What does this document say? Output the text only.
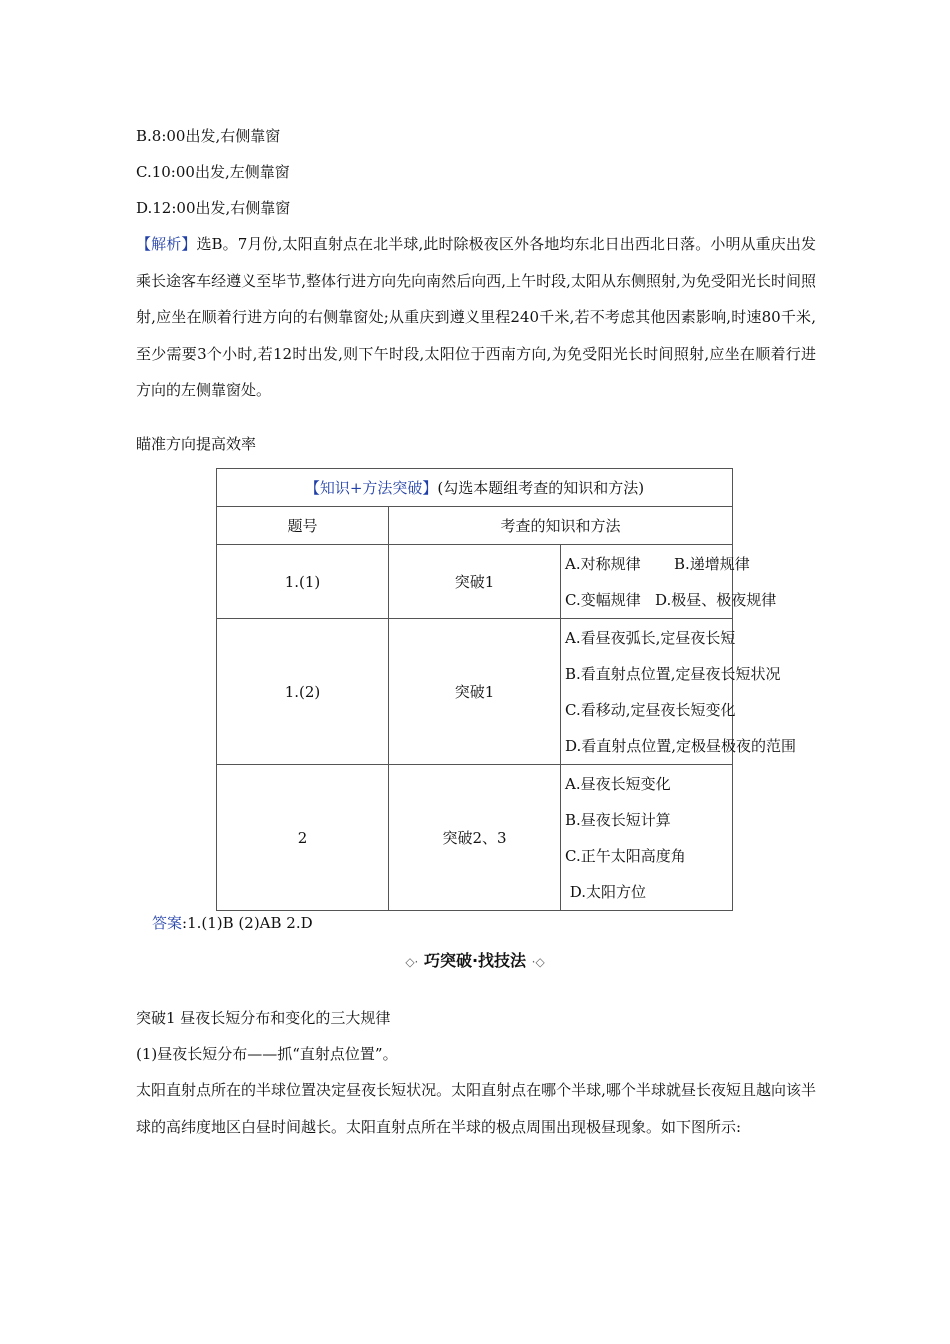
B.8:00出发,右侧靠窗
C.10:00出发,左侧靠窗
D.12:00出发,右侧靠窗
【解析】选B。7月份,太阳直射点在北半球,此时除极夜区外各地均东北日出西北日落。小明从重庆出发乘长途客车经遵义至毕节,整体行进方向先向南然后向西,上午时段,太阳从东侧照射,为免受阳光长时间照射,应坐在顺着行进方向的右侧靠窗处;从重庆到遵义里程240千米,若不考虑其他因素影响,时速80千米,至少需要3个小时,若12时出发,则下午时段,太阳位于西南方向,为免受阳光长时间照射,应坐在顺着行进方向的左侧靠窗处。
瞄准方向提高效率
【知识+方法突破】(勾选本题组考查的知识和方法)		
题号	考查的知识和方法	
1.(1)	突破1	A.对称规律       B.递增规律
C.变幅规律   D.极昼、极夜规律

1.(2)	突破1	A.看昼夜弧长,定昼夜长短
B.看直射点位置,定昼夜长短状况
C.看移动,定昼夜长短变化
D.看直射点位置,定极昼极夜的范围

2	突破2、3	A.昼夜长短变化
B.昼夜长短计算
C.正午太阳高度角
D.太阳方位
答案:1.(1)B (2)AB 2.D
◇· 巧突破·找技法 ·◇
突破1 昼夜长短分布和变化的三大规律
(1)昼夜长短分布——抓“直射点位置”。
太阳直射点所在的半球位置决定昼夜长短状况。太阳直射点在哪个半球,哪个半球就昼长夜短且越向该半球的高纬度地区白昼时间越长。太阳直射点所在半球的极点周围出现极昼现象。如下图所示:
